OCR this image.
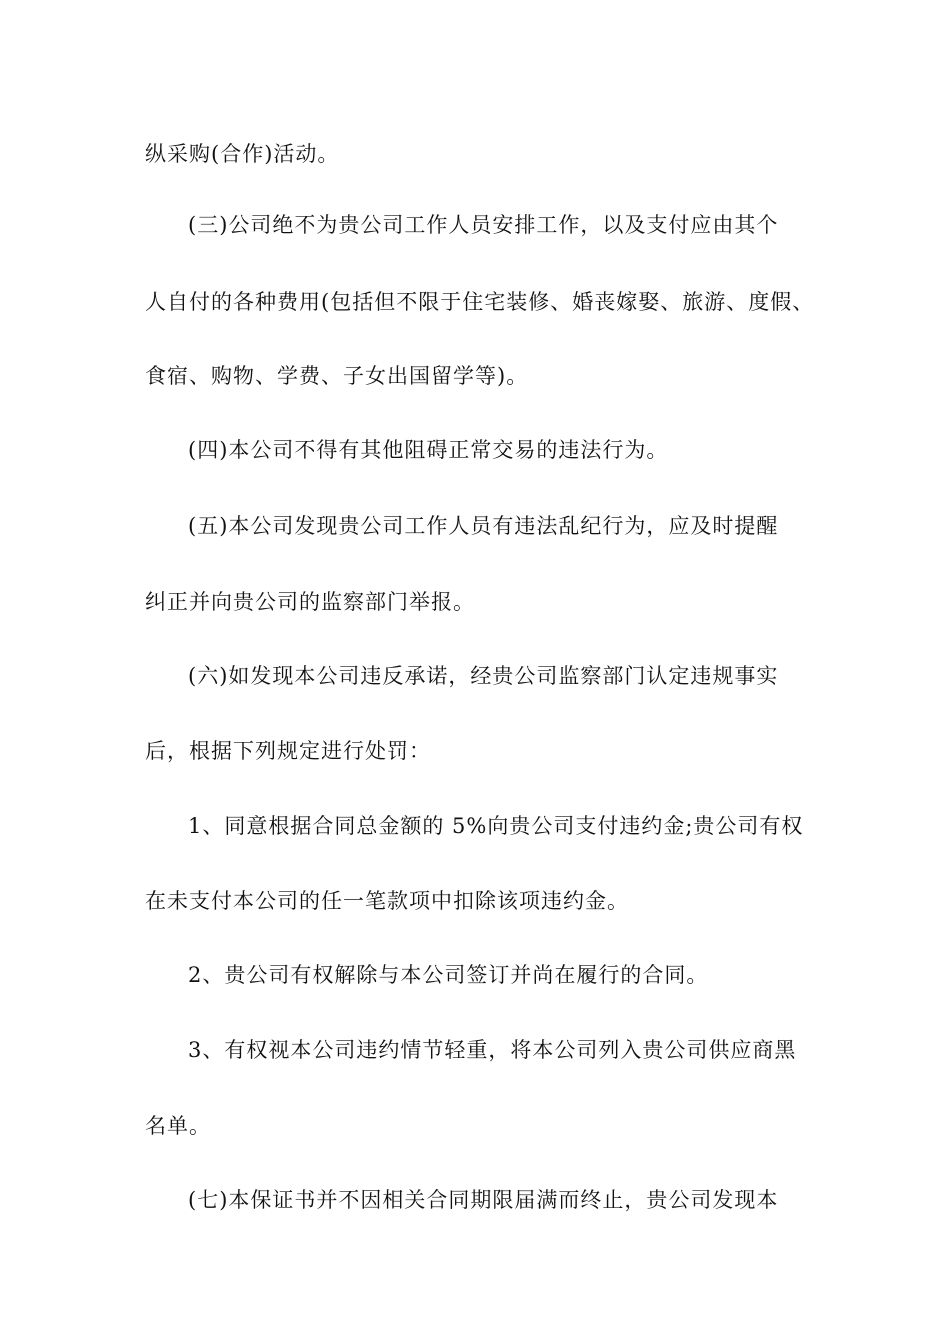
纵采购(合作)活动。
(三)公司绝不为贵公司工作人员安排工作，以及支付应由其个
人自付的各种费用(包括但不限于住宅装修、婚丧嫁娶、旅游、度假、
食宿、购物、学费、子女出国留学等)。
(四)本公司不得有其他阻碍正常交易的违法行为。
(五)本公司发现贵公司工作人员有违法乱纪行为，应及时提醒
纠正并向贵公司的监察部门举报。
(六)如发现本公司违反承诺，经贵公司监察部门认定违规事实
后，根据下列规定进行处罚：
1、同意根据合同总金额的 5%向贵公司支付违约金;贵公司有权
在未支付本公司的任一笔款项中扣除该项违约金。
2、贵公司有权解除与本公司签订并尚在履行的合同。
3、有权视本公司违约情节轻重，将本公司列入贵公司供应商黑
名单。
(七)本保证书并不因相关合同期限届满而终止，贵公司发现本
